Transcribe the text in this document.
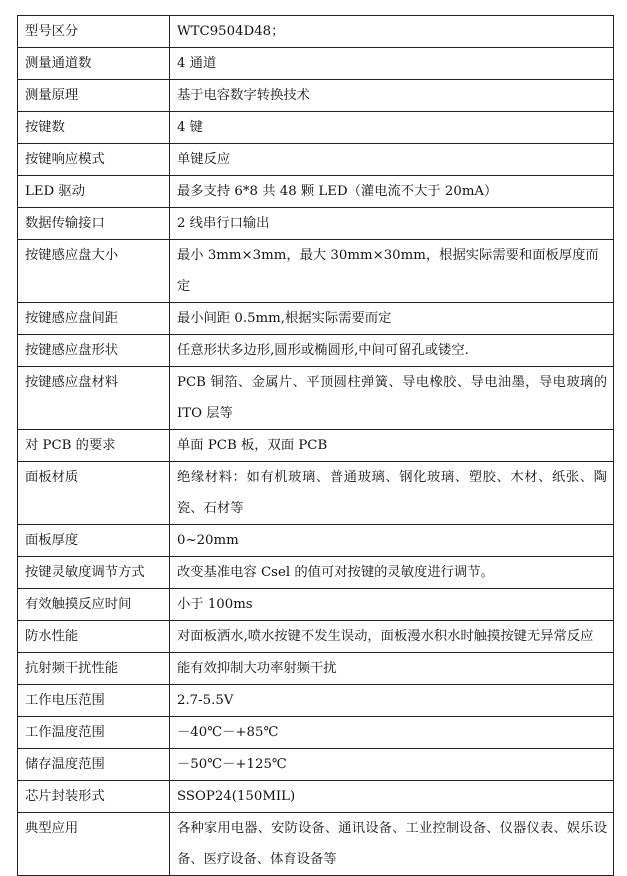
型号区分	WTC9504D48；
测量通道数	4 通道
测量原理	基于电容数字转换技术
按键数	4 键
按键响应模式	单键反应
LED 驱动	最多支持 6*8 共 48 颗 LED（灌电流不大于 20mA）
数据传输接口	2 线串行口输出
按键感应盘大小	最小 3mm×3mm，最大 30mm×30mm，根据实际需要和面板厚度而定
按键感应盘间距	最小间距 0.5mm,根据实际需要而定
按键感应盘形状	任意形状多边形,圆形或椭圆形,中间可留孔或镂空.
按键感应盘材料	PCB 铜箔、金属片、平顶圆柱弹簧、导电橡胶、导电油墨，导电玻璃的 ITO 层等
对 PCB 的要求	单面 PCB 板，双面 PCB
面板材质	绝缘材料：如有机玻璃、普通玻璃、钢化玻璃、塑胶、木材、纸张、陶瓷、石材等
面板厚度	0~20mm
按键灵敏度调节方式	改变基准电容 Csel 的值可对按键的灵敏度进行调节。
有效触摸反应时间	小于 100ms
防水性能	对面板洒水,喷水按键不发生误动，面板漫水积水时触摸按键无异常反应
抗射频干扰性能	能有效抑制大功率射频干扰
工作电压范围	2.7-5.5V
工作温度范围	－40℃－+85℃
储存温度范围	－50℃－+125℃
芯片封装形式	SSOP24(150MIL)
典型应用	各种家用电器、安防设备、通讯设备、工业控制设备、仪器仪表、娱乐设备、医疗设备、体育设备等
